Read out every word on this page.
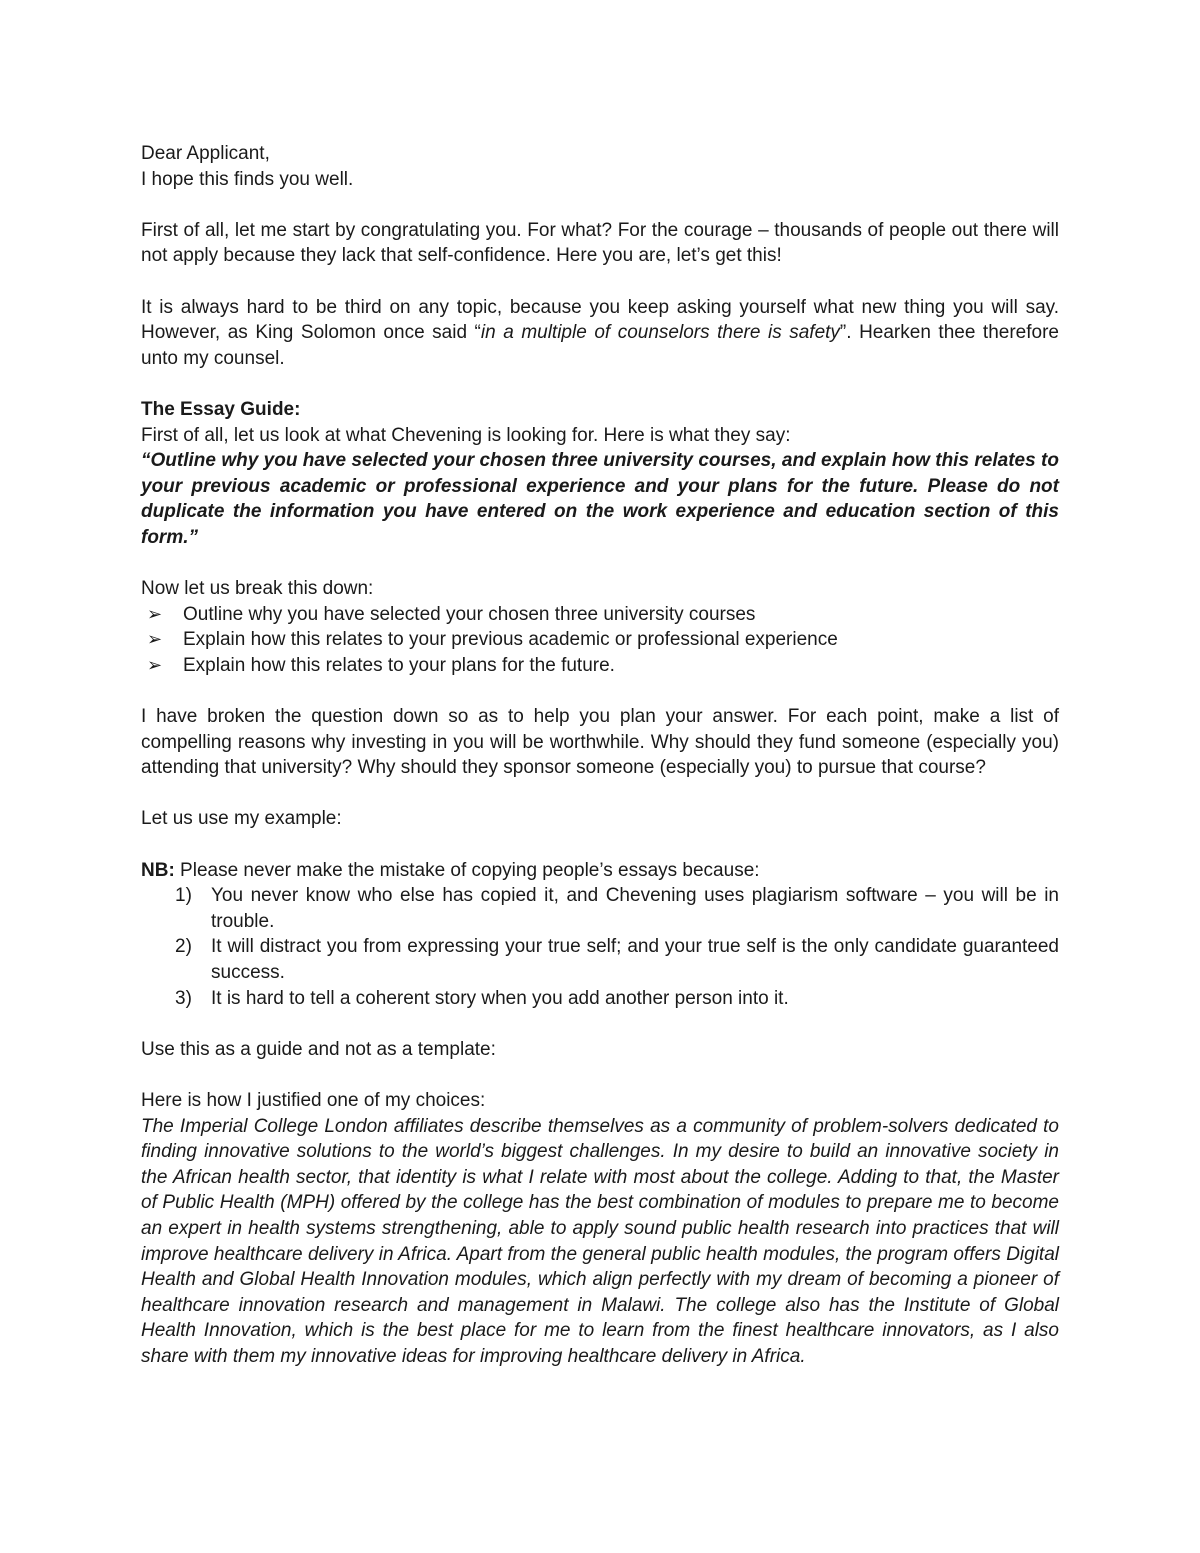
Dear Applicant,

I hope this finds you well.

First of all, let me start by congratulating you. For what? For the courage – thousands of people out there will not apply because they lack that self-confidence. Here you are, let’s get this!

It is always hard to be third on any topic, because you keep asking yourself what new thing you will say. However, as King Solomon once said “in a multiple of counselors there is safety”. Hearken thee therefore unto my counsel.

The Essay Guide:

First of all, let us look at what Chevening is looking for. Here is what they say:

“Outline why you have selected your chosen three university courses, and explain how this relates to your previous academic or professional experience and your plans for the future. Please do not duplicate the information you have entered on the work experience and education section of this form.”

Now let us break this down:

➢ Outline why you have selected your chosen three university courses
➢ Explain how this relates to your previous academic or professional experience
➢ Explain how this relates to your plans for the future.

I have broken the question down so as to help you plan your answer. For each point, make a list of compelling reasons why investing in you will be worthwhile. Why should they fund someone (especially you) attending that university? Why should they sponsor someone (especially you) to pursue that course?

Let us use my example:

NB: Please never make the mistake of copying people’s essays because:

1) You never know who else has copied it, and Chevening uses plagiarism software – you will be in trouble.
2) It will distract you from expressing your true self; and your true self is the only candidate guaranteed success.
3) It is hard to tell a coherent story when you add another person into it.

Use this as a guide and not as a template:

Here is how I justified one of my choices:

The Imperial College London affiliates describe themselves as a community of problem-solvers dedicated to finding innovative solutions to the world’s biggest challenges. In my desire to build an innovative society in the African health sector, that identity is what I relate with most about the college. Adding to that, the Master of Public Health (MPH) offered by the college has the best combination of modules to prepare me to become an expert in health systems strengthening, able to apply sound public health research into practices that will improve healthcare delivery in Africa. Apart from the general public health modules, the program offers Digital Health and Global Health Innovation modules, which align perfectly with my dream of becoming a pioneer of healthcare innovation research and management in Malawi. The college also has the Institute of Global Health Innovation, which is the best place for me to learn from the finest healthcare innovators, as I also share with them my innovative ideas for improving healthcare delivery in Africa.
